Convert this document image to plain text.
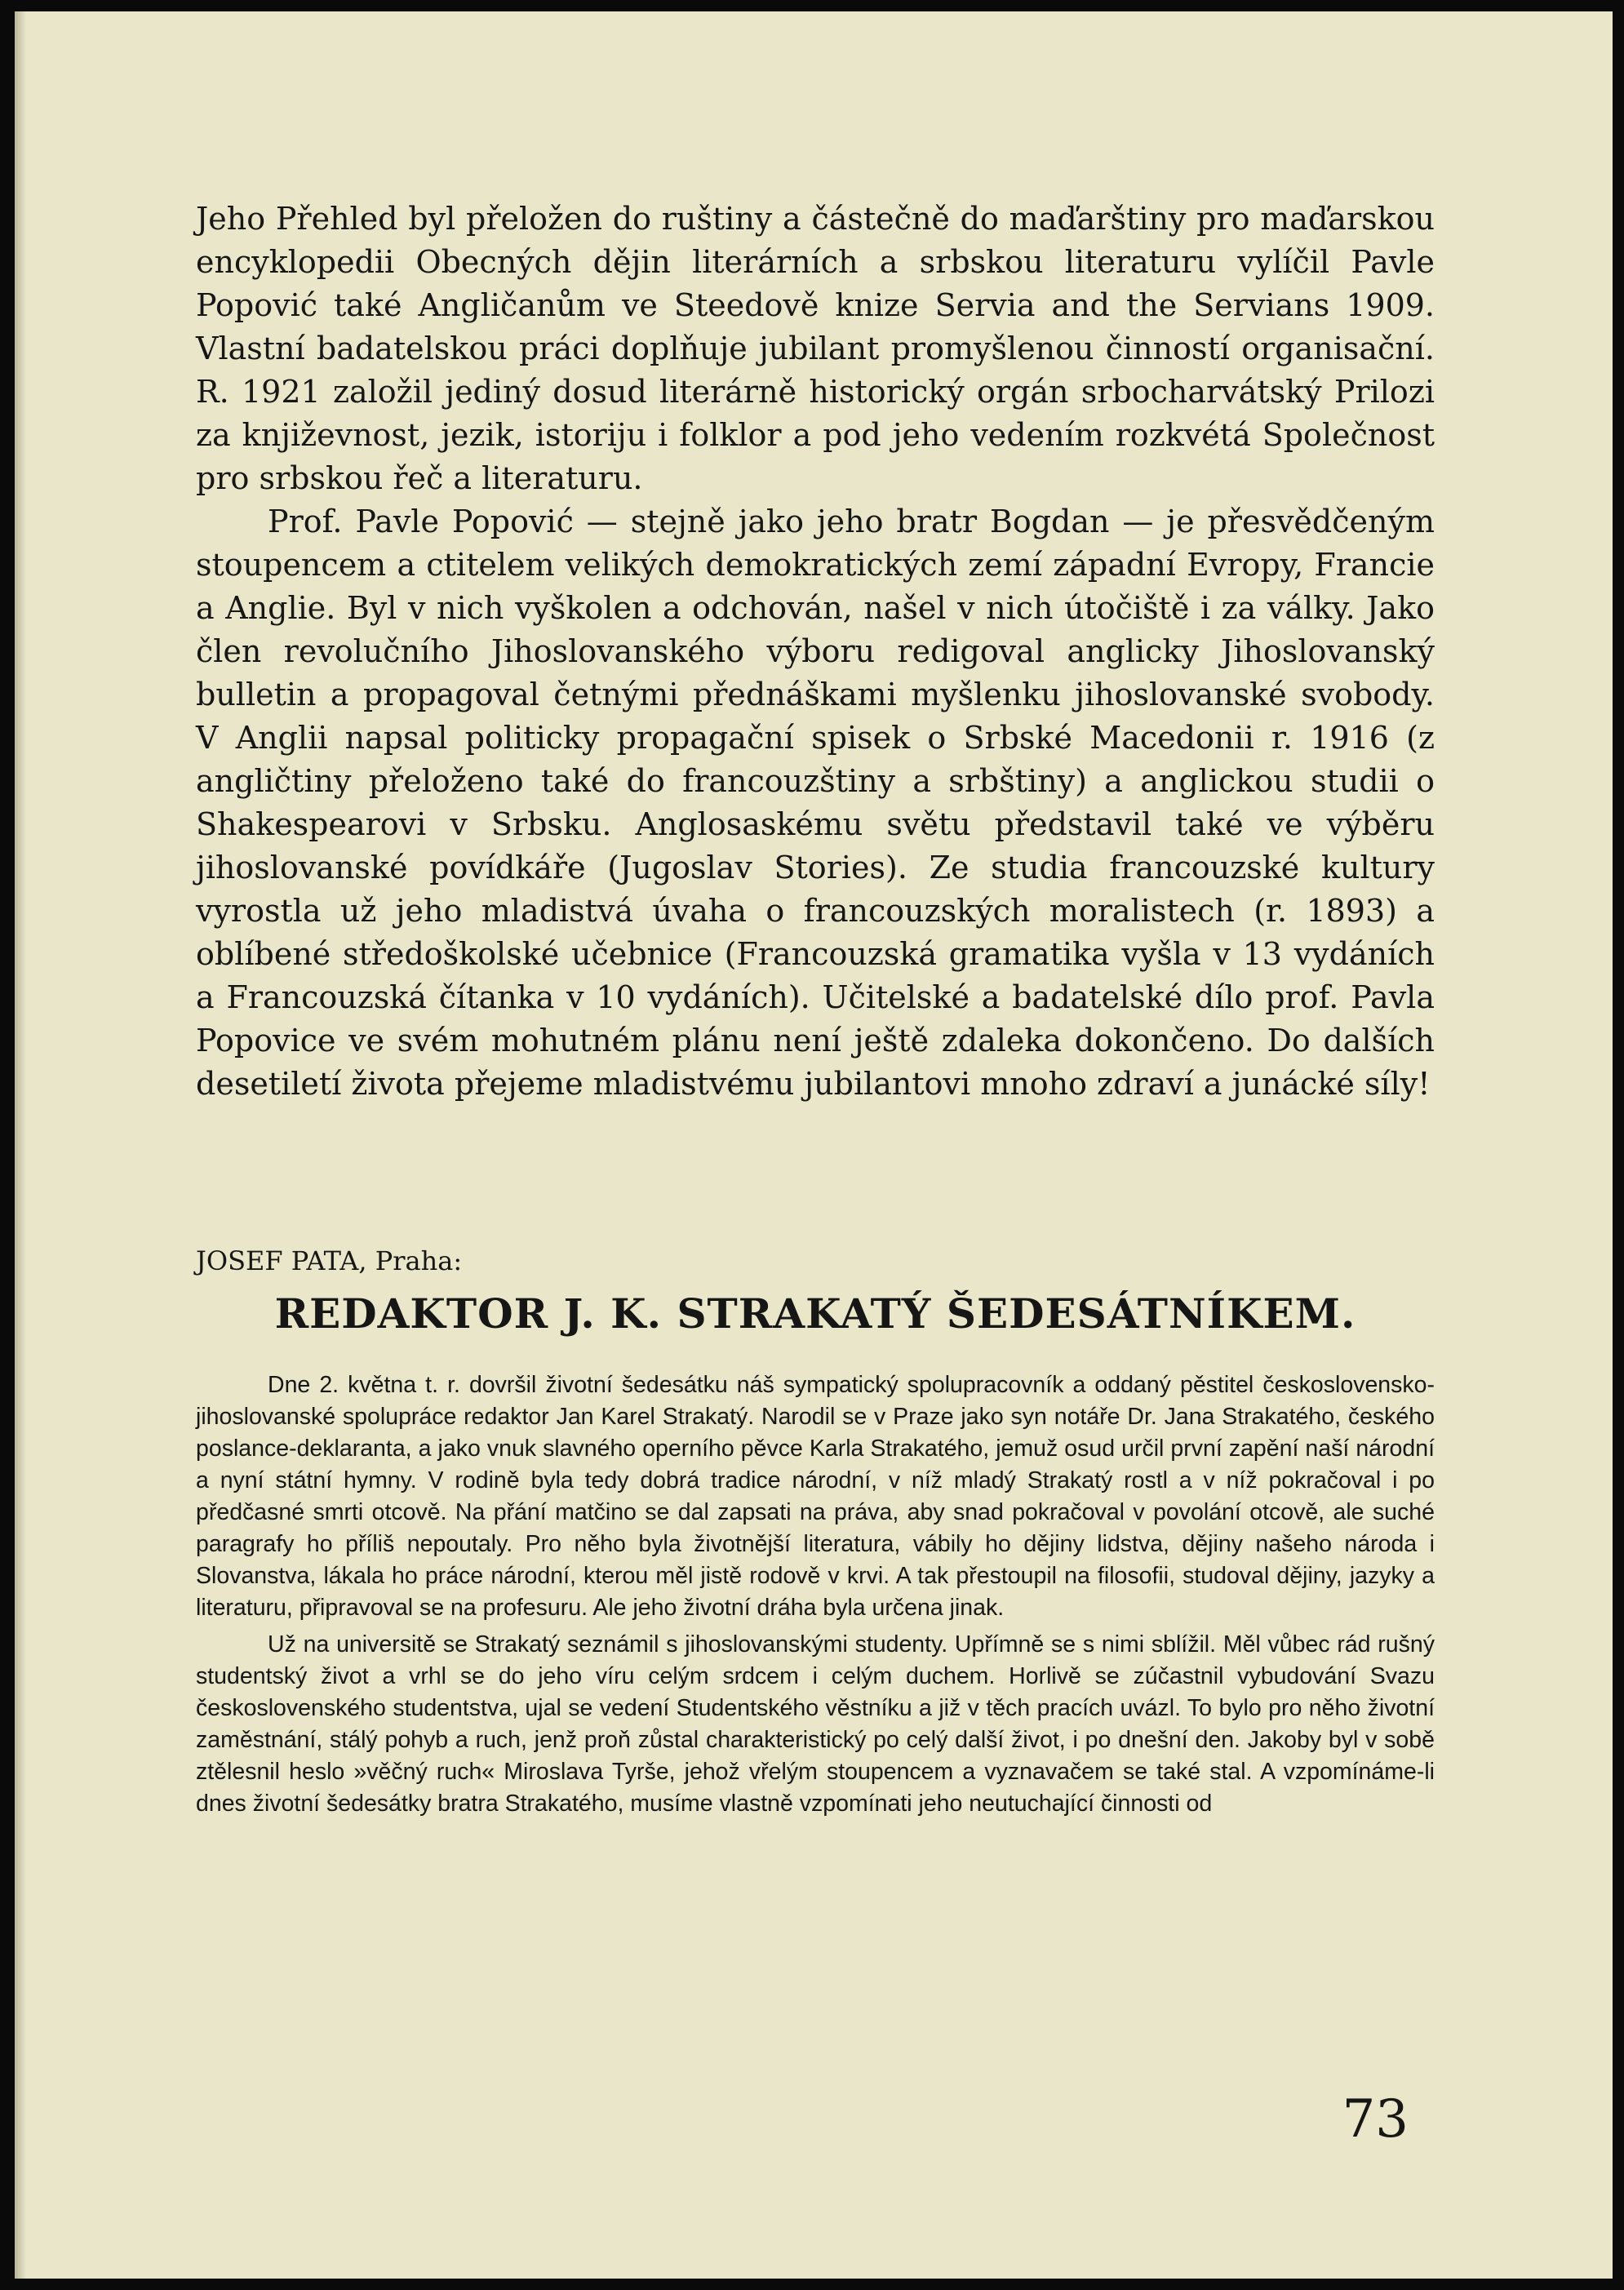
Jeho Přehled byl přeložen do ruštiny a částečně do maďarštiny pro maďarskou encyklopedii Obecných dějin literárních a srbskou literaturu vylíčil Pavle Popović také Angličanům ve Steedově knize Servia and the Servians 1909. Vlastní badatelskou práci doplňuje jubilant promyšlenou činností organisační. R. 1921 založil jediný dosud literárně historický orgán srbocharvátský Prilozi za književnost, jezik, istoriju i folklor a pod jeho vedením rozkvétá Společnost pro srbskou řeč a literaturu.

Prof. Pavle Popović — stejně jako jeho bratr Bogdan — je přesvědčeným stoupencem a ctitelem velikých demokratických zemí západní Evropy, Francie a Anglie. Byl v nich vyškolen a odchován, našel v nich útočiště i za války. Jako člen revolučního Jihoslovanského výboru redigoval anglicky Jihoslovanský bulletin a propagoval četnými přednáškami myšlenku jihoslovanské svobody. V Anglii napsal politicky propagační spisek o Srbské Macedonii r. 1916 (z angličtiny přeloženo také do francouzštiny a srbštiny) a anglickou studii o Shakespearovi v Srbsku. Anglosaskému světu představil také ve výběru jihoslovanské povídkáře (Jugoslav Stories). Ze studia francouzské kultury vyrostla už jeho mladistvá úvaha o francouzských moralistech (r. 1893) a oblíbené středoškolské učebnice (Francouzská gramatika vyšla v 13 vydáních a Francouzská čítanka v 10 vydáních). Učitelské a badatelské dílo prof. Pavla Popovice ve svém mohutném plánu není ještě zdaleka dokončeno. Do dalších desetiletí života přejeme mladistvému jubilantovi mnoho zdraví a junácké síly!

JOSEF PATA, Praha:

REDAKTOR J. K. STRAKATÝ ŠEDESÁTNÍKEM.

Dne 2. května t. r. dovršil životní šedesátku náš sympatický spolupracovník a oddaný pěstitel československo-jihoslovanské spolupráce redaktor Jan Karel Strakatý. Narodil se v Praze jako syn notáře Dr. Jana Strakatého, českého poslance-deklaranta, a jako vnuk slavného operního pěvce Karla Strakatého, jemuž osud určil první zapění naší národní a nyní státní hymny. V rodině byla tedy dobrá tradice národní, v níž mladý Strakatý rostl a v níž pokračoval i po předčasné smrti otcově. Na přání matčino se dal zapsati na práva, aby snad pokračoval v povolání otcově, ale suché paragrafy ho příliš nepoutaly. Pro něho byla životnější literatura, vábily ho dějiny lidstva, dějiny našeho národa i Slovanstva, lákala ho práce národní, kterou měl jistě rodově v krvi. A tak přestoupil na filosofii, studoval dějiny, jazyky a literaturu, připravoval se na profesuru. Ale jeho životní dráha byla určena jinak.

Už na universitě se Strakatý seznámil s jihoslovanskými studenty. Upřímně se s nimi sblížil. Měl vůbec rád rušný studentský život a vrhl se do jeho víru celým srdcem i celým duchem. Horlivě se zúčastnil vybudování Svazu československého studentstva, ujal se vedení Studentského věstníku a již v těch pracích uvázl. To bylo pro něho životní zaměstnání, stálý pohyb a ruch, jenž proň zůstal charakteristický po celý další život, i po dnešní den. Jakoby byl v sobě ztělesnil heslo »věčný ruch« Miroslava Tyrše, jehož vřelým stoupencem a vyznavačem se také stal. A vzpomínáme-li dnes životní šedesátky bratra Strakatého, musíme vlastně vzpomínati jeho neutuchající činnosti od

73
